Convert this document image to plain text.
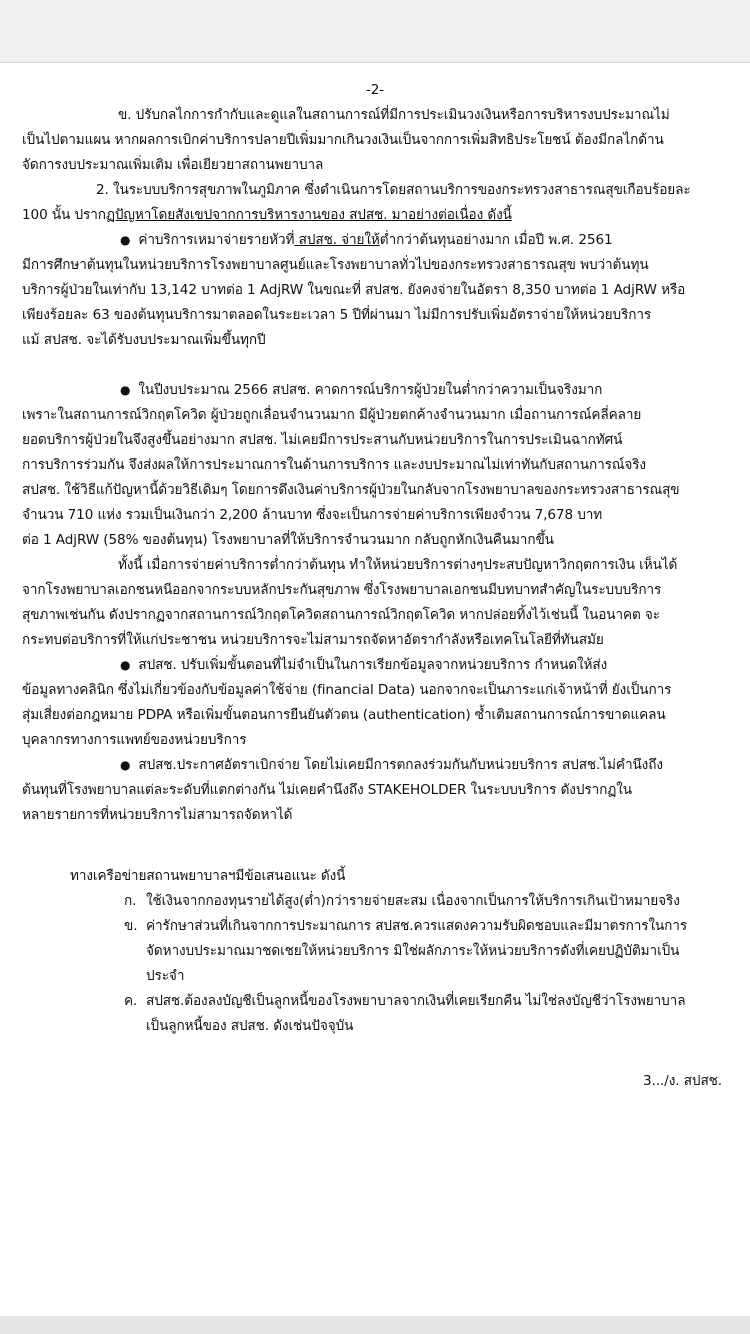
-2-
ข. ปรับกลไกการกำกับและดูแลในสถานการณ์ที่มีการประเมินวงเงินหรือการบริหารงบประมาณไม่
เป็นไปตามแผน หากผลการเบิกค่าบริการปลายปีเพิ่มมากเกินวงเงินเป็นจากการเพิ่มสิทธิประโยชน์ ต้องมีกลไกด้าน
จัดการงบประมาณเพิ่มเติม เพื่อเยียวยาสถานพยาบาล
2. ในระบบบริการสุขภาพในภูมิภาค ซึ่งดำเนินการโดยสถานบริการของกระทรวงสาธารณสุขเกือบร้อยละ
100 นั้น ปรากฏปัญหาโดยสังเขปจากการบริหารงานของ สปสช. มาอย่างต่อเนื่อง ดังนี้
● ค่าบริการเหมาจ่ายรายหัวที่ สปสช. จ่ายให้ต่ำกว่าต้นทุนอย่างมาก เมื่อปี พ.ศ. 2561
มีการศึกษาต้นทุนในหน่วยบริการโรงพยาบาลศูนย์และโรงพยาบาลทั่วไปของกระทรวงสาธารณสุข พบว่าต้นทุน
บริการผู้ป่วยในเท่ากับ 13,142 บาทต่อ 1 AdjRW ในขณะที่ สปสช. ยังคงจ่ายในอัตรา 8,350 บาทต่อ 1 AdjRW หรือ
เพียงร้อยละ 63 ของต้นทุนบริการมาตลอดในระยะเวลา 5 ปีที่ผ่านมา ไม่มีการปรับเพิ่มอัตราจ่ายให้หน่วยบริการ
แม้ สปสช. จะได้รับงบประมาณเพิ่มขึ้นทุกปี
● ในปีงบประมาณ 2566 สปสช. คาดการณ์บริการผู้ป่วยในต่ำกว่าความเป็นจริงมาก
เพราะในสถานการณ์วิกฤตโควิด ผู้ป่วยถูกเลื่อนจำนวนมาก มีผู้ป่วยตกค้างจำนวนมาก เมื่อถานการณ์คลี่คลาย
ยอดบริการผู้ป่วยในจึงสูงขึ้นอย่างมาก สปสช. ไม่เคยมีการประสานกับหน่วยบริการในการประเมินฉากทัศน์
การบริการร่วมกัน จึงส่งผลให้การประมาณการในด้านการบริการ และงบประมาณไม่เท่าทันกับสถานการณ์จริง
สปสช. ใช้วิธีแก้ปัญหานี้ด้วยวิธีเดิมๆ โดยการดึงเงินค่าบริการผู้ป่วยในกลับจากโรงพยาบาลของกระทรวงสาธารณสุข
จำนวน 710 แห่ง รวมเป็นเงินกว่า 2,200 ล้านบาท ซึ่งจะเป็นการจ่ายค่าบริการเพียงจำวน 7,678 บาท
ต่อ 1 AdjRW (58% ของต้นทุน) โรงพยาบาลที่ให้บริการจำนวนมาก กลับถูกหักเงินคืนมากขึ้น
ทั้งนี้ เมื่อการจ่ายค่าบริการต่ำกว่าต้นทุน ทำให้หน่วยบริการต่างๆประสบปัญหาวิกฤตการเงิน เห็นได้
จากโรงพยาบาลเอกชนหนีออกจากระบบหลักประกันสุขภาพ ซึ่งโรงพยาบาลเอกชนมีบทบาทสำคัญในระบบบริการ
สุขภาพเช่นกัน ดังปรากฏจากสถานการณ์วิกฤตโควิดสถานการณ์วิกฤตโควิด หากปล่อยทิ้งไว้เช่นนี้ ในอนาคต จะ
กระทบต่อบริการที่ให้แก่ประชาชน หน่วยบริการจะไม่สามารถจัดหาอัตรากำลังหรือเทคโนโลยีที่ทันสมัย
● สปสช. ปรับเพิ่มขั้นตอนที่ไม่จำเป็นในการเรียกข้อมูลจากหน่วยบริการ กำหนดให้ส่ง
ข้อมูลทางคลินิก ซึ่งไม่เกี่ยวข้องกับข้อมูลค่าใช้จ่าย (financial Data) นอกจากจะเป็นภาระแก่เจ้าหน้าที่ ยังเป็นการ
สุ่มเสี่ยงต่อกฎหมาย PDPA หรือเพิ่มขั้นตอนการยืนยันตัวตน (authentication) ซ้ำเติมสถานการณ์การขาดแคลน
บุคลากรทางการแพทย์ของหน่วยบริการ
● สปสช.ประกาศอัตราเบิกจ่าย โดยไม่เคยมีการตกลงร่วมกันกับหน่วยบริการ สปสช.ไม่คำนึงถึง
ต้นทุนที่โรงพยาบาลแต่ละระดับที่แตกต่างกัน ไม่เคยคำนึงถึง STAKEHOLDER ในระบบบริการ ดังปรากฏใน
หลายรายการที่หน่วยบริการไม่สามารถจัดหาได้
ทางเครือข่ายสถานพยาบาลฯมีข้อเสนอแนะ ดังนี้
ก. ใช้เงินจากกองทุนรายได้สูง(ต่ำ)กว่ารายจ่ายสะสม เนื่องจากเป็นการให้บริการเกินเป้าหมายจริง
ข. ค่ารักษาส่วนที่เกินจากการประมาณการ สปสช.ควรแสดงความรับผิดชอบและมีมาตรการในการ
จัดหางบประมาณมาชดเชยให้หน่วยบริการ มิใช่ผลักภาระให้หน่วยบริการดังที่เคยปฏิบัติมาเป็น
ประจำ
ค. สปสช.ต้องลงบัญชีเป็นลูกหนี้ของโรงพยาบาลจากเงินที่เคยเรียกคืน ไม่ใช่ลงบัญชีว่าโรงพยาบาล
เป็นลูกหนี้ของ สปสช. ดังเช่นปัจจุบัน
3.../ง. สปสช.
